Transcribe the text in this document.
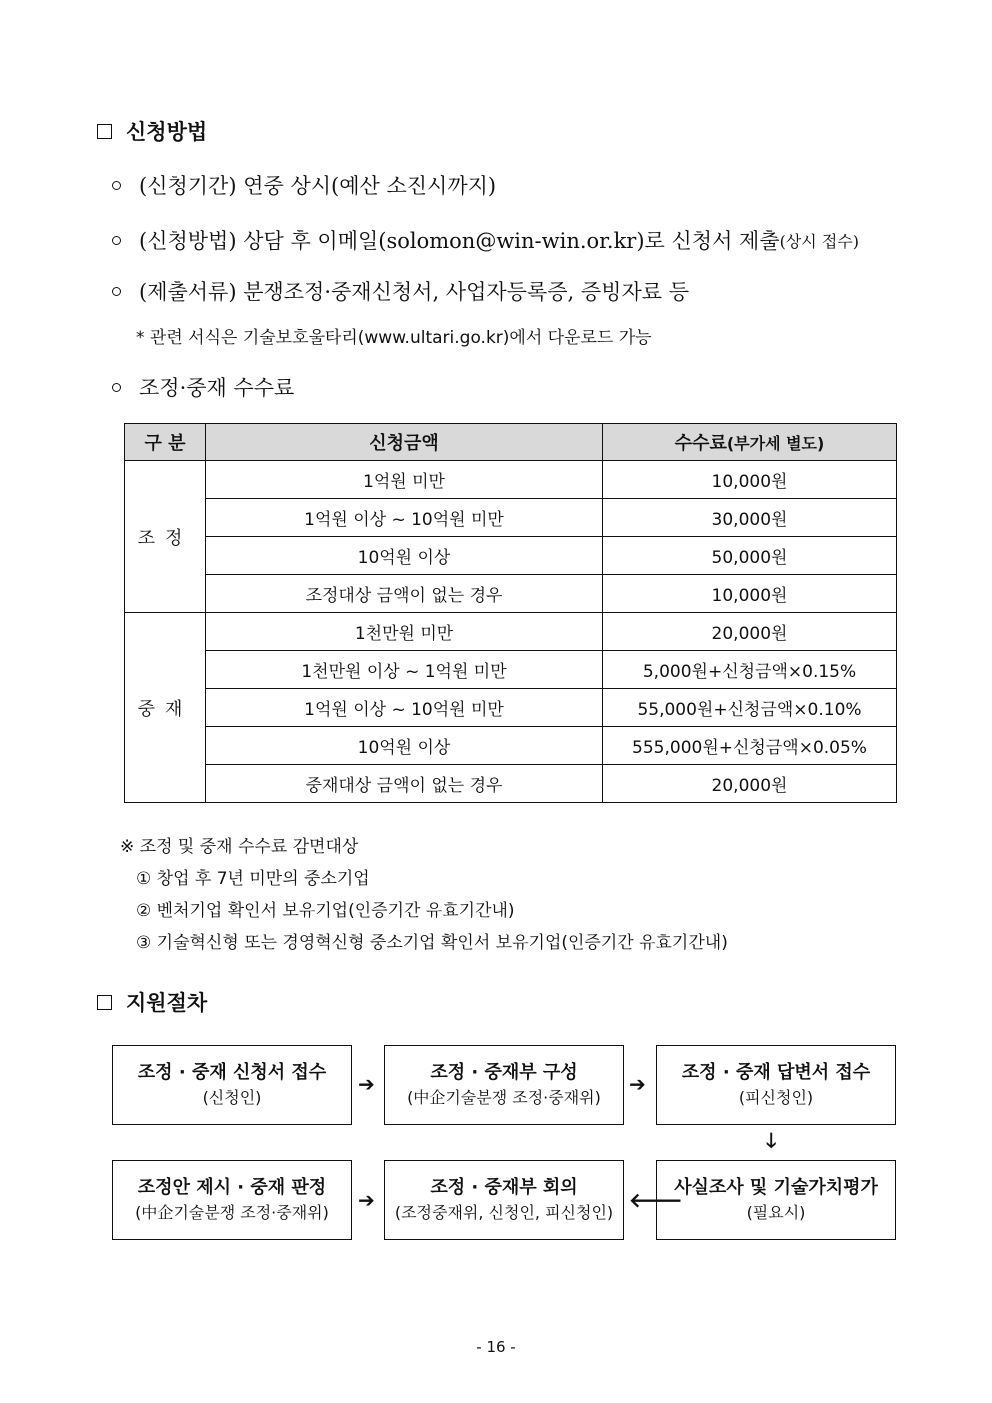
신청방법
(신청기간) 연중 상시(예산 소진시까지)
(신청방법) 상담 후 이메일(solomon@win-win.or.kr)로 신청서 제출 (상시 접수)
(제출서류) 분쟁조정·중재신청서, 사업자등록증, 증빙자료 등
* 관련 서식은 기술보호울타리(www.ultari.go.kr)에서 다운로드 가능
조정·중재 수수료
구 분	신청금액	수수료(부가세 별도)
조정	1억원 미만	10,000원
	1억원 이상 ~ 10억원 미만	30,000원
	10억원 이상	50,000원
	조정대상 금액이 없는 경우	10,000원
중재	1천만원 미만	20,000원
	1천만원 이상 ~ 1억원 미만	5,000원+신청금액×0.15%
	1억원 이상 ~ 10억원 미만	55,000원+신청금액×0.10%
	10억원 이상	555,000원+신청금액×0.05%
	중재대상 금액이 없는 경우	20,000원
※ 조정 및 중재 수수료 감면대상
① 창업 후 7년 미만의 중소기업
② 벤처기업 확인서 보유기업(인증기간 유효기간내)
③ 기술혁신형 또는 경영혁신형 중소기업 확인서 보유기업(인증기간 유효기간내)
지원절차
조정 · 중재 신청서 접수
(신청인)
➔	조정 · 중재부 구성
(中企기술분쟁 조정·중재위)
➔ 조정 · 중재 답변서 접수
(피신청인)
🡓
사실조사 및 기술가치평가
(필요시)
🡐
조정 · 중재부 회의
(조정중재위, 신청인, 피신청인)
➔
조정안 제시 · 중재 판정
(中企기술분쟁 조정·중재위)
- 16 -
